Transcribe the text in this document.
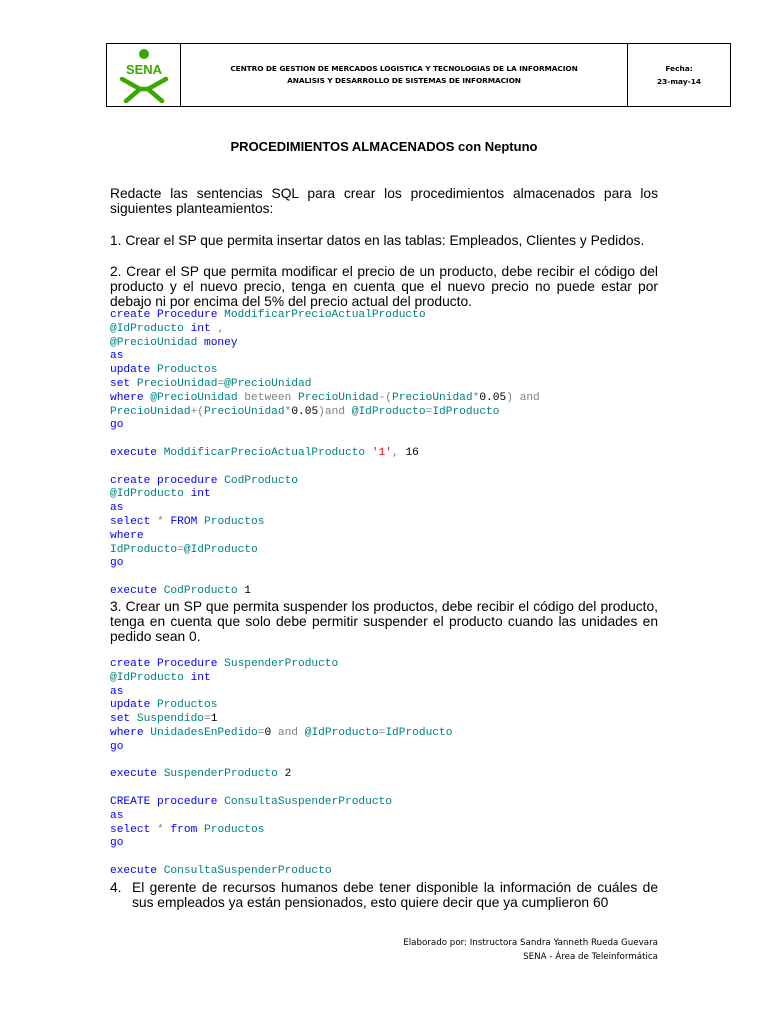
SENA	CENTRO DE GESTION DE MERCADOS LOGISTICA Y TECNOLOGIAS DE LA INFORMACION
ANALISIS Y DESARROLLO DE SISTEMAS DE INFORMACION
Fecha:
23-may-14
PROCEDIMIENTOS ALMACENADOS con Neptuno

Redacte las sentencias SQL para crear los procedimientos almacenados para los siguientes planteamientos:

1. Crear el SP que permita insertar datos en las tablas: Empleados, Clientes y Pedidos.

2. Crear el SP que permita modificar el precio de un producto, debe recibir el código del producto y el nuevo precio, tenga en cuenta que el nuevo precio no puede estar por debajo ni por encima del 5% del precio actual del producto.

create Procedure ModdificarPrecioActualProducto
@IdProducto int ,
@PrecioUnidad money
as
update Productos
set PrecioUnidad=@PrecioUnidad
where @PrecioUnidad between PrecioUnidad-(PrecioUnidad*0.05) and
PrecioUnidad+(PrecioUnidad*0.05)and @IdProducto=IdProducto
go

execute ModdificarPrecioActualProducto '1', 16

create procedure CodProducto
@IdProducto int
as
select * FROM Productos
where
IdProducto=@IdProducto
go

execute CodProducto 1

3. Crear un SP que permita suspender los productos, debe recibir el código del producto, tenga en cuenta que solo debe permitir suspender el producto cuando las unidades en pedido sean 0.

create Procedure SuspenderProducto
@IdProducto int
as
update Productos
set Suspendido=1
where UnidadesEnPedido=0 and @IdProducto=IdProducto
go

execute SuspenderProducto 2

CREATE procedure ConsultaSuspenderProducto
as
select * from Productos
go

execute ConsultaSuspenderProducto
4. El gerente de recursos humanos debe tener disponible la información de cuáles de sus empleados ya están pensionados, esto quiere decir que ya cumplieron 60
Elaborado por: Instructora Sandra Yanneth Rueda Guevara
SENA - Área de Teleinformática
